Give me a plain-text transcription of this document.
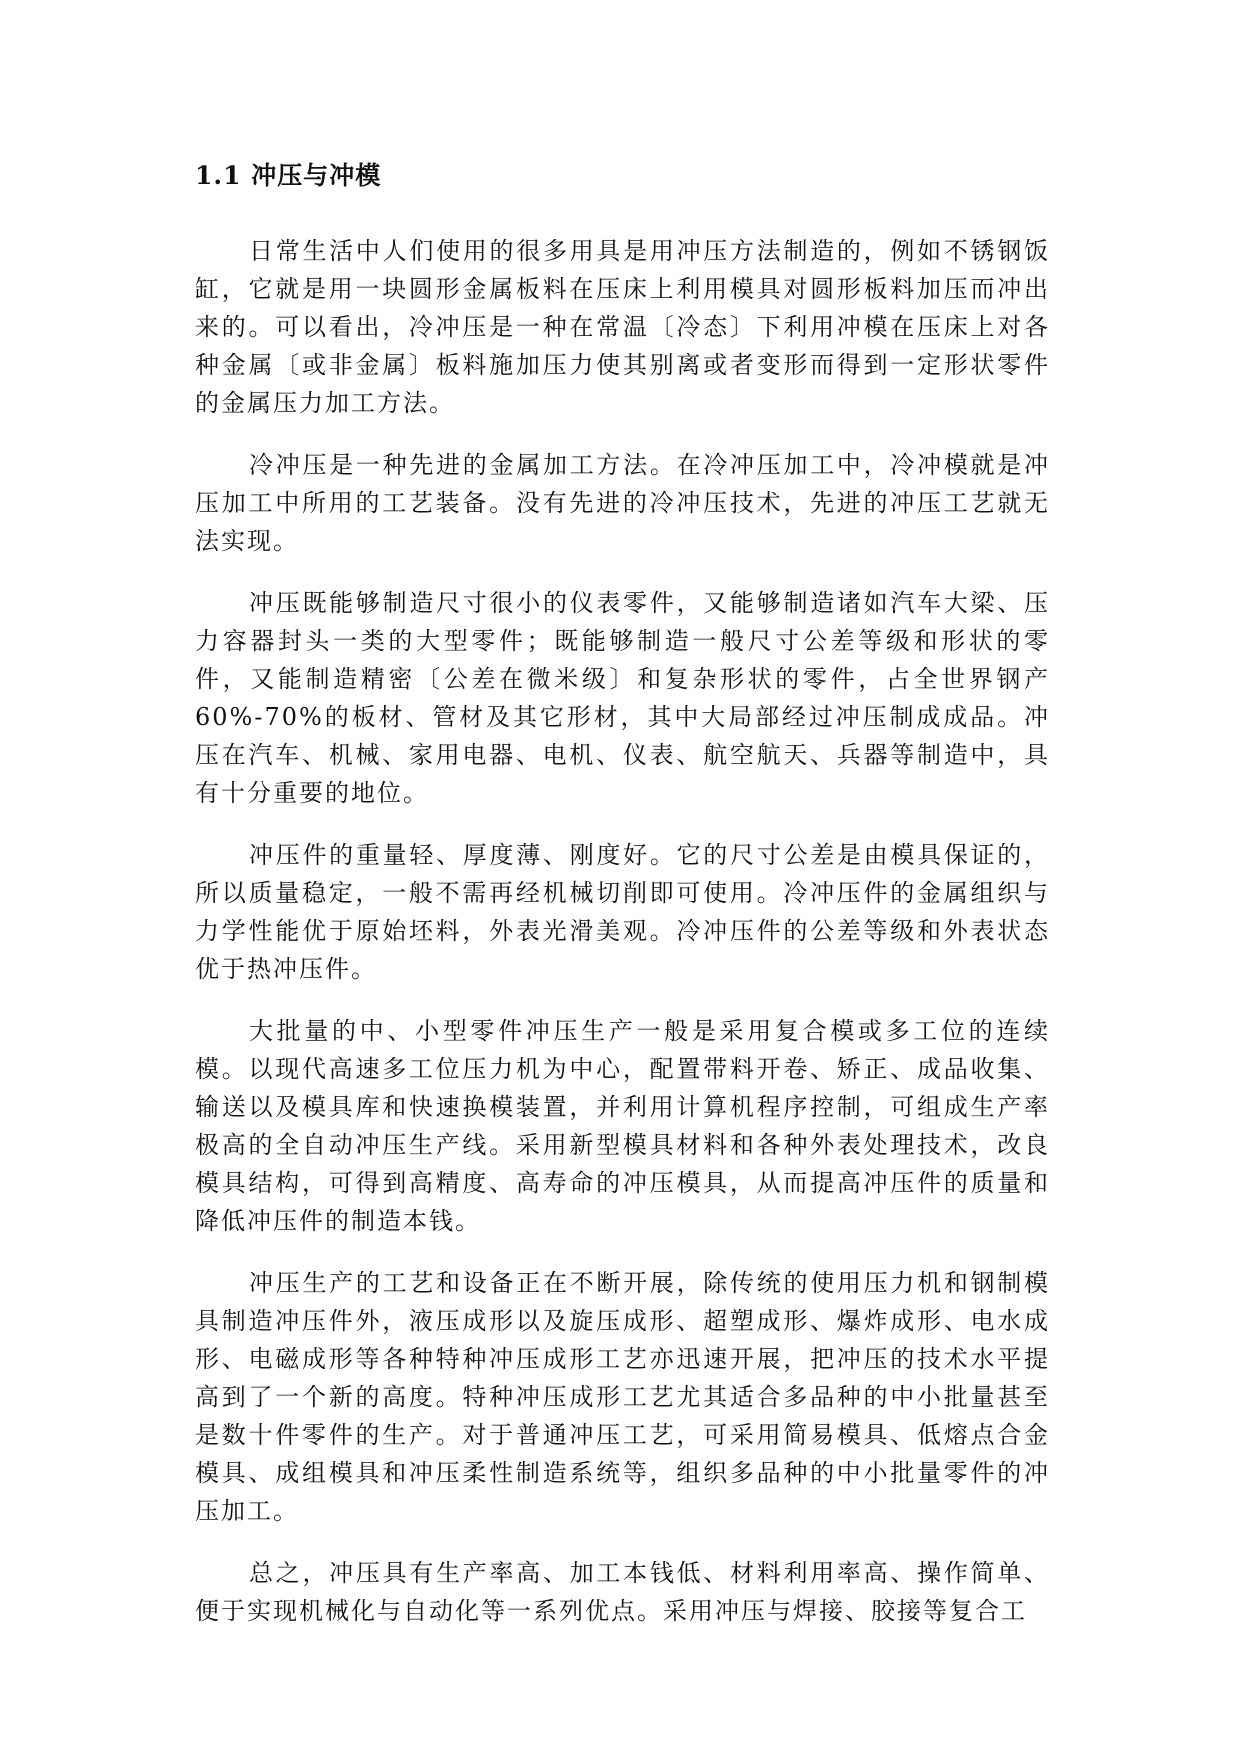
1.1 冲压与冲模

日常生活中人们使用的很多用具是用冲压方法制造的，例如不锈钢饭缸，它就是用一块圆形金属板料在压床上利用模具对圆形板料加压而冲出来的。可以看出，冷冲压是一种在常温〔冷态〕下利用冲模在压床上对各种金属〔或非金属〕板料施加压力使其别离或者变形而得到一定形状零件的金属压力加工方法。

冷冲压是一种先进的金属加工方法。在冷冲压加工中，冷冲模就是冲压加工中所用的工艺装备。没有先进的冷冲压技术，先进的冲压工艺就无法实现。

冲压既能够制造尺寸很小的仪表零件，又能够制造诸如汽车大梁、压力容器封头一类的大型零件；既能够制造一般尺寸公差等级和形状的零件，又能制造精密〔公差在微米级〕和复杂形状的零件，占全世界钢产60%-70%的板材、管材及其它形材，其中大局部经过冲压制成成品。冲压在汽车、机械、家用电器、电机、仪表、航空航天、兵器等制造中，具有十分重要的地位。

冲压件的重量轻、厚度薄、刚度好。它的尺寸公差是由模具保证的，所以质量稳定，一般不需再经机械切削即可使用。冷冲压件的金属组织与力学性能优于原始坯料，外表光滑美观。冷冲压件的公差等级和外表状态优于热冲压件。

大批量的中、小型零件冲压生产一般是采用复合模或多工位的连续模。以现代高速多工位压力机为中心，配置带料开卷、矫正、成品收集、输送以及模具库和快速换模装置，并利用计算机程序控制，可组成生产率极高的全自动冲压生产线。采用新型模具材料和各种外表处理技术，改良模具结构，可得到高精度、高寿命的冲压模具，从而提高冲压件的质量和降低冲压件的制造本钱。

冲压生产的工艺和设备正在不断开展，除传统的使用压力机和钢制模具制造冲压件外，液压成形以及旋压成形、超塑成形、爆炸成形、电水成形、电磁成形等各种特种冲压成形工艺亦迅速开展，把冲压的技术水平提高到了一个新的高度。特种冲压成形工艺尤其适合多品种的中小批量甚至是数十件零件的生产。对于普通冲压工艺，可采用简易模具、低熔点合金模具、成组模具和冲压柔性制造系统等，组织多品种的中小批量零件的冲压加工。

总之，冲压具有生产率高、加工本钱低、材料利用率高、操作简单、便于实现机械化与自动化等一系列优点。采用冲压与焊接、胶接等复合工
